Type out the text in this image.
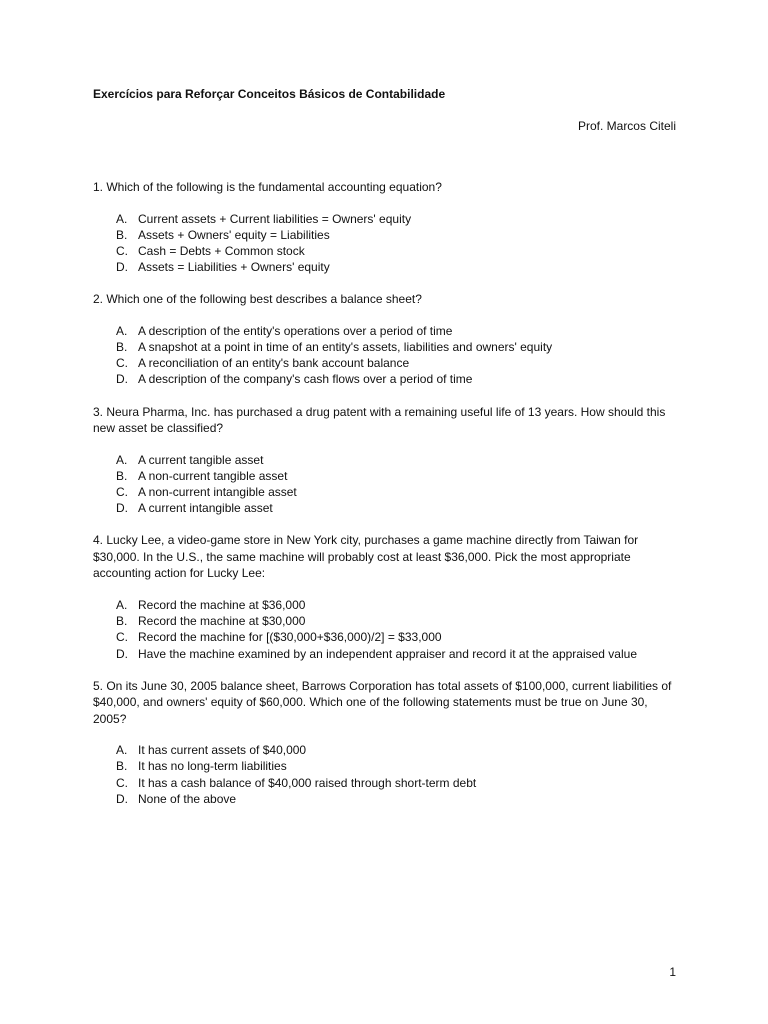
Exercícios para Reforçar Conceitos Básicos de Contabilidade
Prof. Marcos Citeli

1. Which of the following is the fundamental accounting equation?

A. Current assets + Current liabilities = Owners' equity
B. Assets + Owners' equity = Liabilities
C. Cash = Debts + Common stock
D. Assets = Liabilities + Owners' equity

2. Which one of the following best describes a balance sheet?

A. A description of the entity's operations over a period of time
B. A snapshot at a point in time of an entity's assets, liabilities and owners' equity
C. A reconciliation of an entity's bank account balance
D. A description of the company's cash flows over a period of time

3. Neura Pharma, Inc. has purchased a drug patent with a remaining useful life of 13 years. How should this new asset be classified?

A. A current tangible asset
B. A non-current tangible asset
C. A non-current intangible asset
D. A current intangible asset

4. Lucky Lee, a video-game store in New York city, purchases a game machine directly from Taiwan for $30,000. In the U.S., the same machine will probably cost at least $36,000. Pick the most appropriate accounting action for Lucky Lee:

A. Record the machine at $36,000
B. Record the machine at $30,000
C. Record the machine for [($30,000+$36,000)/2] = $33,000
D. Have the machine examined by an independent appraiser and record it at the appraised value

5. On its June 30, 2005 balance sheet, Barrows Corporation has total assets of $100,000, current liabilities of $40,000, and owners' equity of $60,000. Which one of the following statements must be true on June 30, 2005?

A. It has current assets of $40,000
B. It has no long-term liabilities
C. It has a cash balance of $40,000 raised through short-term debt
D. None of the above
1
